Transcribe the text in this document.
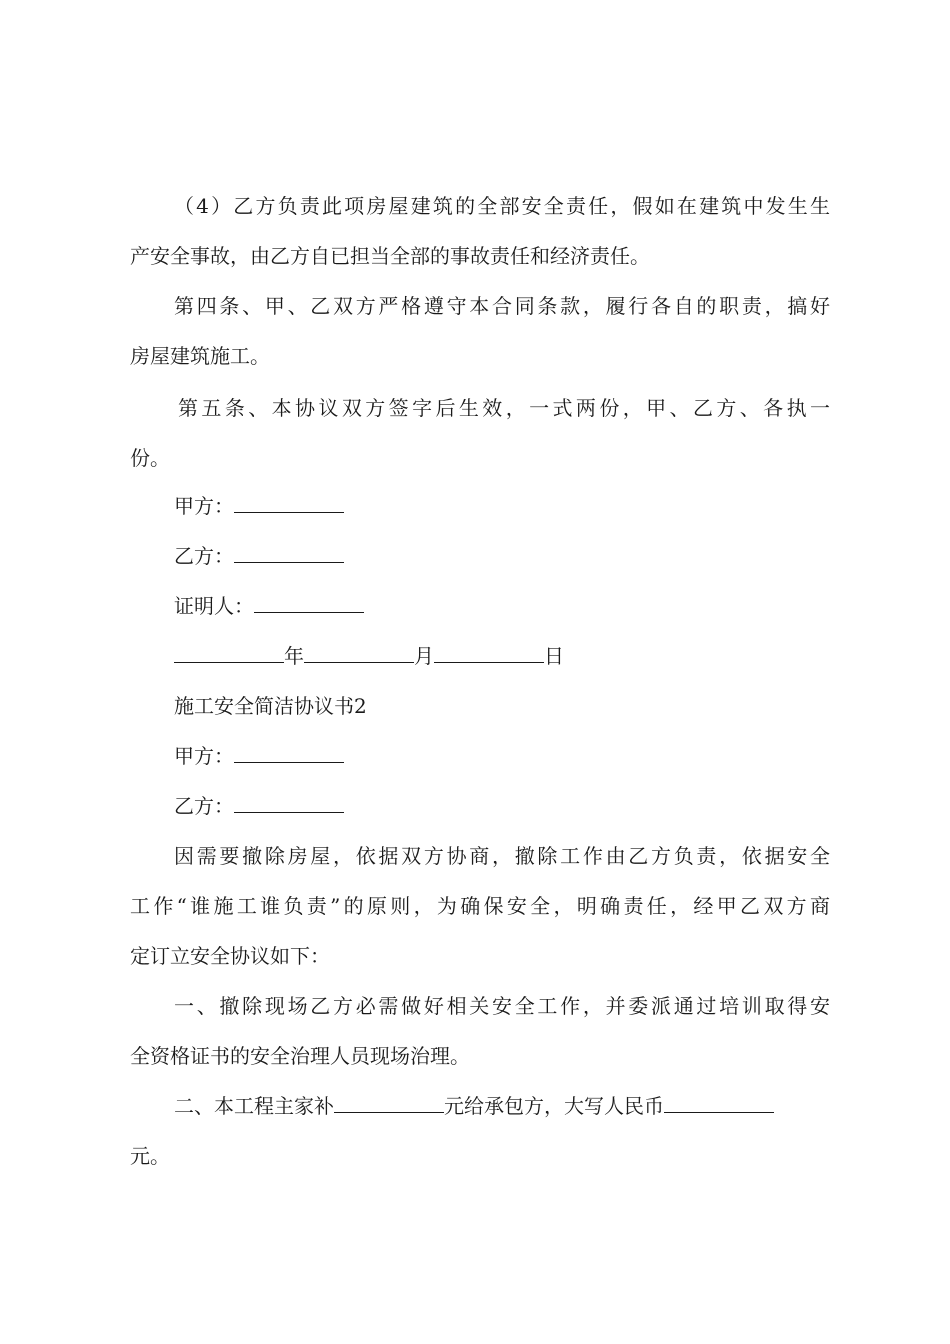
（4）乙方负责此项房屋建筑的全部安全责任，假如在建筑中发生生
产安全事故，由乙方自已担当全部的事故责任和经济责任。
第四条、甲、乙双方严格遵守本合同条款，履行各自的职责，搞好
房屋建筑施工。
第五条、本协议双方签字后生效，一式两份，甲、乙方、各执一
份。
甲方：
乙方：
证明人：
年	月	日
施工安全简洁协议书2
甲方：
乙方：
因需要撤除房屋，依据双方协商，撤除工作由乙方负责，依据安全
工作“谁施工谁负责”的原则，为确保安全，明确责任，经甲乙双方商
定订立安全协议如下：
一、撤除现场乙方必需做好相关安全工作，并委派通过培训取得安
全资格证书的安全治理人员现场治理。
二、本工程主家补	元给承包方，大写人民币
元。
